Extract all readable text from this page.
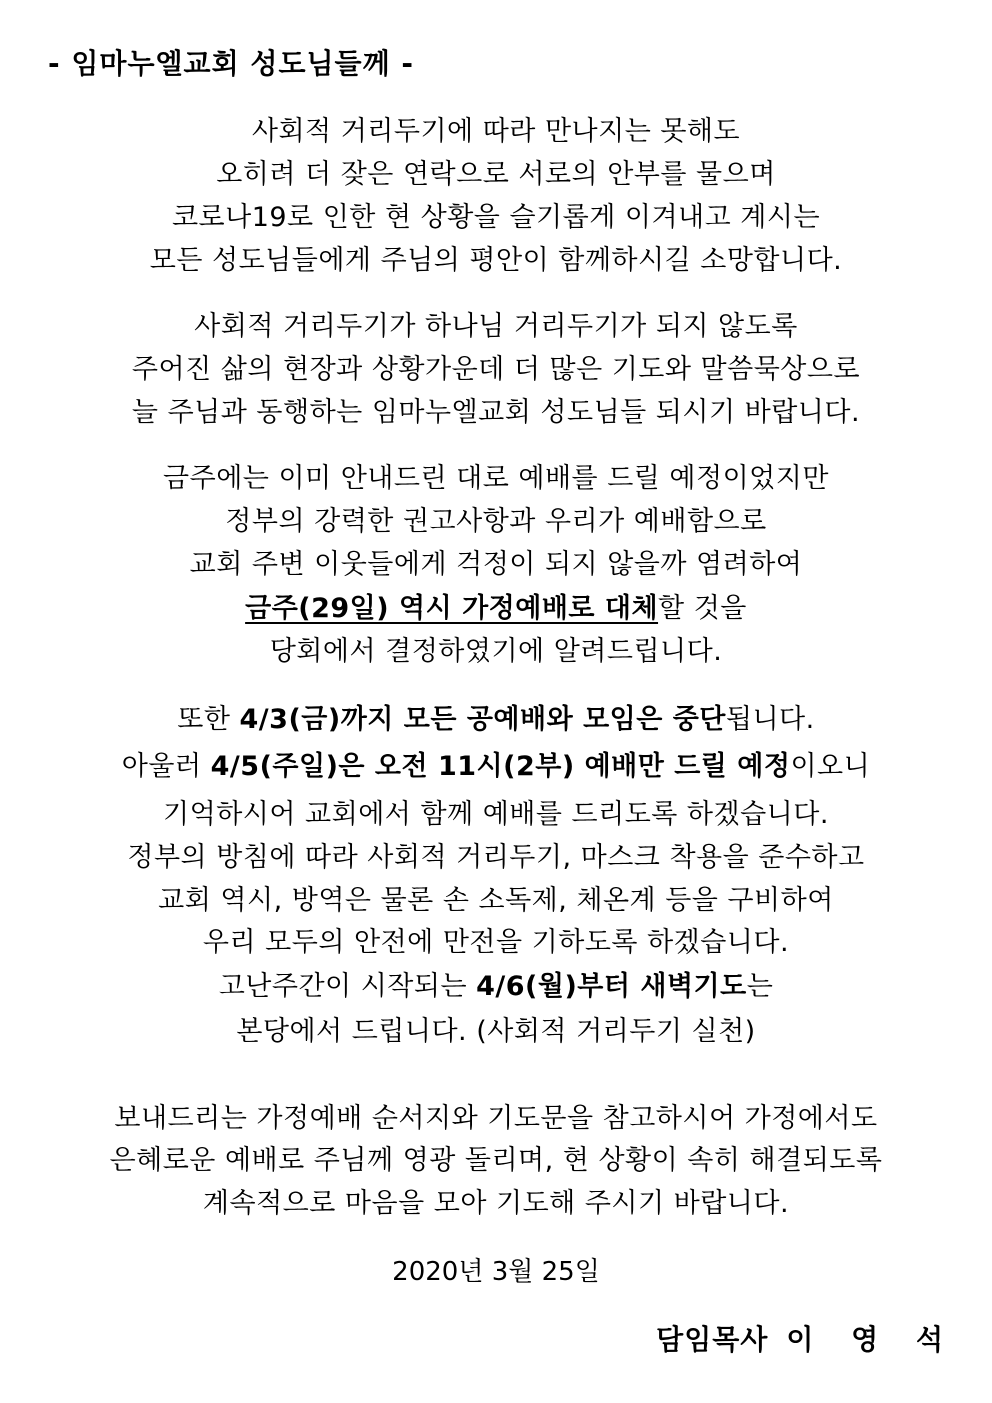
- 임마누엘교회 성도님들께 -
사회적 거리두기에 따라 만나지는 못해도
오히려 더 잦은 연락으로 서로의 안부를 물으며
코로나19로 인한 현 상황을 슬기롭게 이겨내고 계시는
모든 성도님들에게 주님의 평안이 함께하시길 소망합니다.
사회적 거리두기가 하나님 거리두기가 되지 않도록
주어진 삶의 현장과 상황가운데 더 많은 기도와 말씀묵상으로
늘 주님과 동행하는 임마누엘교회 성도님들 되시기 바랍니다.
금주에는 이미 안내드린 대로 예배를 드릴 예정이었지만
정부의 강력한 권고사항과 우리가 예배함으로
교회 주변 이웃들에게 걱정이 되지 않을까 염려하여
금주(29일) 역시 가정예배로 대체할 것을
당회에서 결정하였기에 알려드립니다.
또한 4/3(금)까지 모든 공예배와 모임은 중단됩니다.
아울러 4/5(주일)은 오전 11시(2부) 예배만 드릴 예정이오니
기억하시어 교회에서 함께 예배를 드리도록 하겠습니다.
정부의 방침에 따라 사회적 거리두기, 마스크 착용을 준수하고
교회 역시, 방역은 물론 손 소독제, 체온계 등을 구비하여
우리 모두의 안전에 만전을 기하도록 하겠습니다.
고난주간이 시작되는 4/6(월)부터 새벽기도는
본당에서 드립니다. (사회적 거리두기 실천)
보내드리는 가정예배 순서지와 기도문을 참고하시어 가정에서도
은혜로운 예배로 주님께 영광 돌리며, 현 상황이 속히 해결되도록
계속적으로 마음을 모아 기도해 주시기 바랍니다.
2020년 3월 25일
담임목사 이 영 석
